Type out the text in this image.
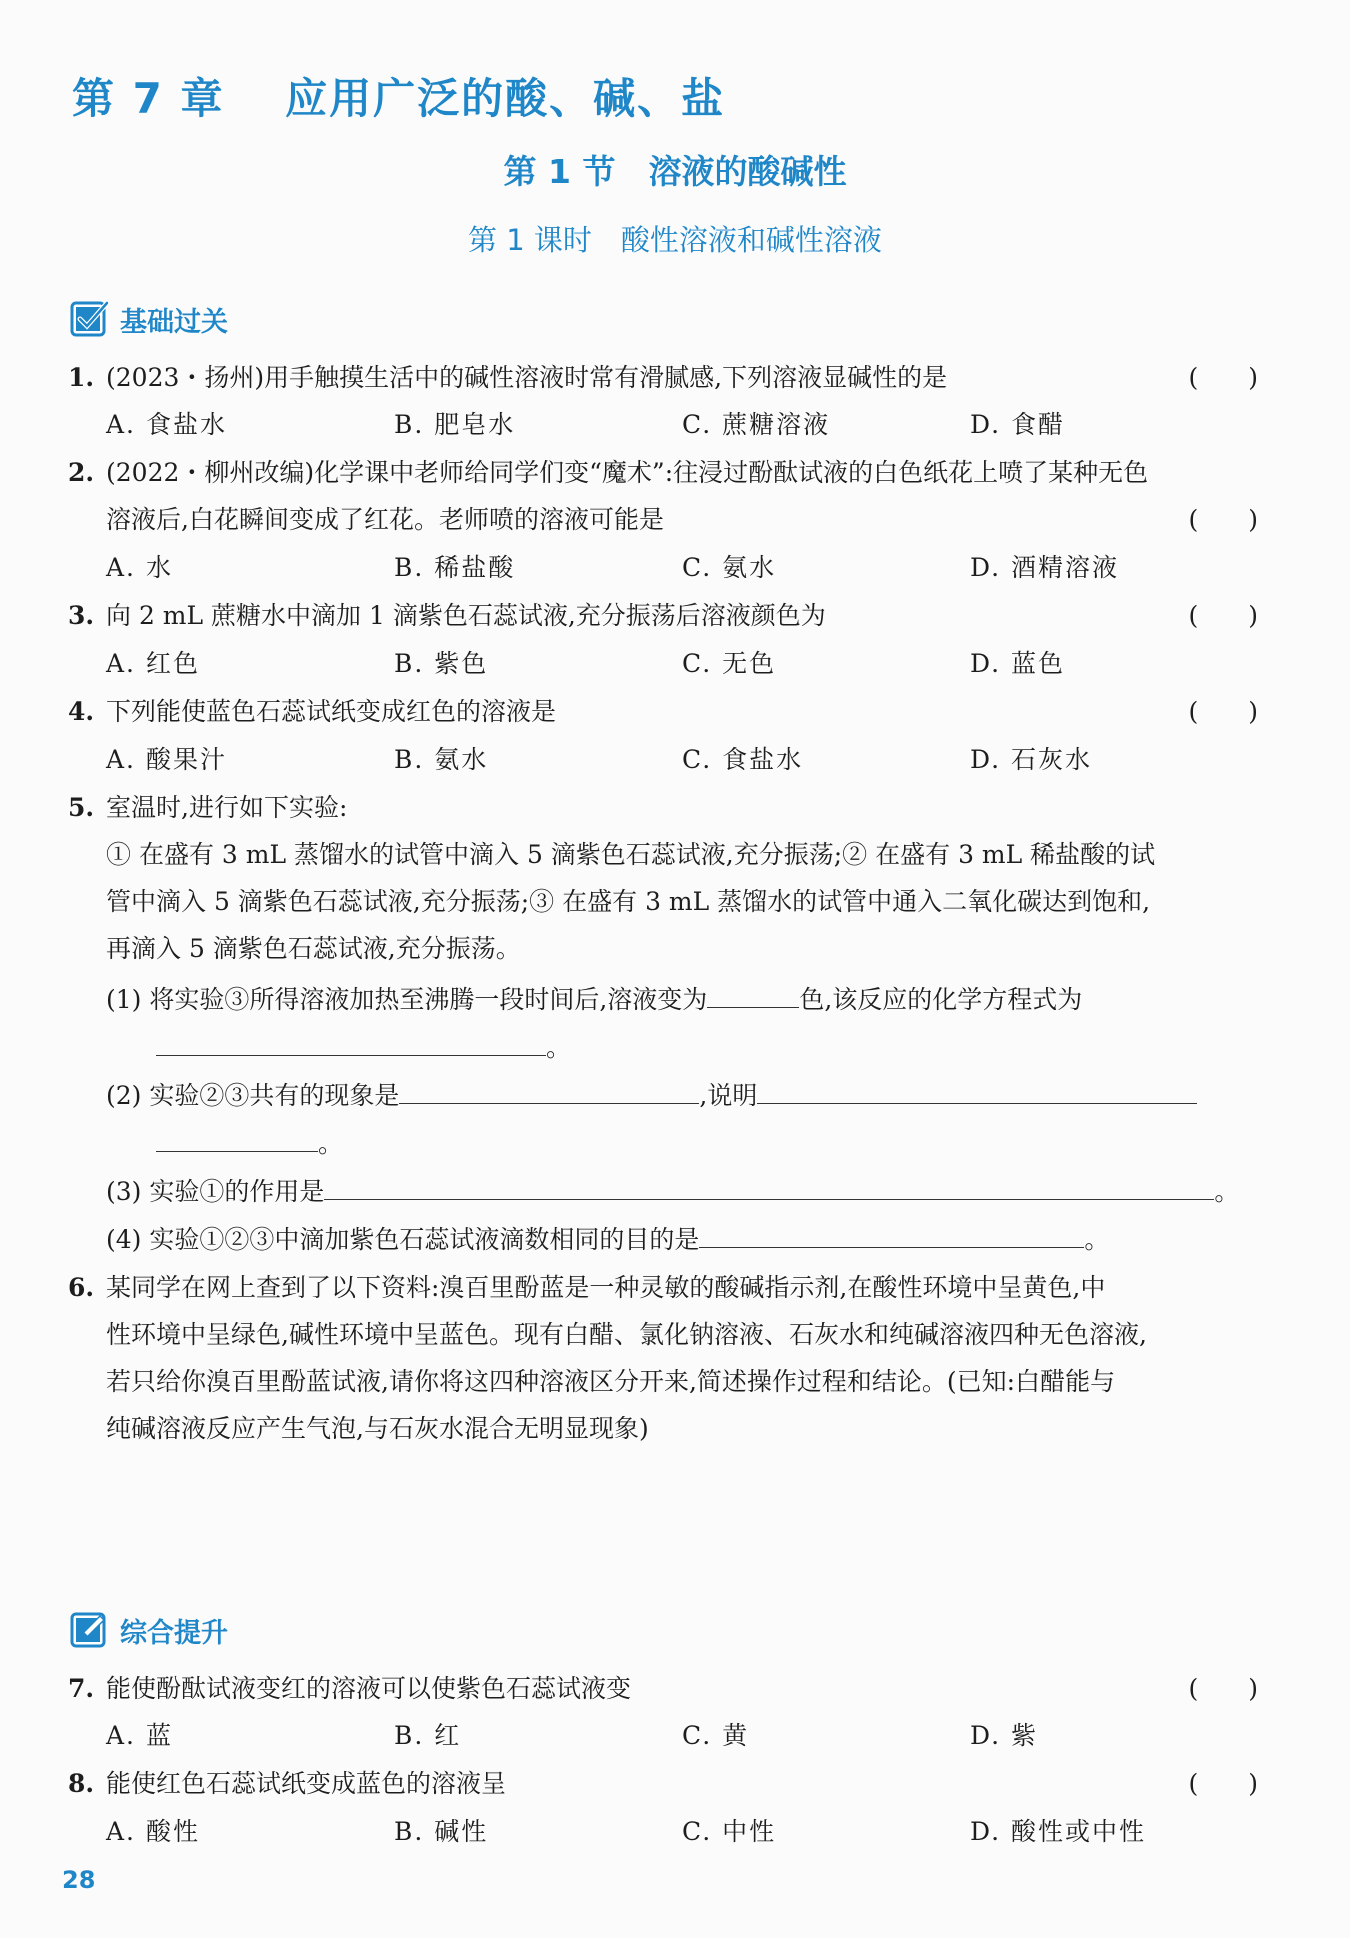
第 7 章　 应用广泛的酸、碱、盐
第 1 节　溶液的酸碱性
第 1 课时　酸性溶液和碱性溶液
基础过关
1. (2023・扬州)用手触摸生活中的碱性溶液时常有滑腻感,下列溶液显碱性的是	(　　)
A. 食盐水	B. 肥皂水	C. 蔗糖溶液	D. 食醋
2. (2022・柳州改编)化学课中老师给同学们变“魔术”:往浸过酚酞试液的白色纸花上喷了某种无色
溶液后,白花瞬间变成了红花。老师喷的溶液可能是	(　　)
A. 水	B. 稀盐酸	C. 氨水	D. 酒精溶液
3. 向 2 mL 蔗糖水中滴加 1 滴紫色石蕊试液,充分振荡后溶液颜色为	(　　)
A. 红色	B. 紫色	C. 无色	D. 蓝色
4. 下列能使蓝色石蕊试纸变成红色的溶液是	(　　)
A. 酸果汁	B. 氨水	C. 食盐水	D. 石灰水
5. 室温时,进行如下实验:
① 在盛有 3 mL 蒸馏水的试管中滴入 5 滴紫色石蕊试液,充分振荡;② 在盛有 3 mL 稀盐酸的试
管中滴入 5 滴紫色石蕊试液,充分振荡;③ 在盛有 3 mL 蒸馏水的试管中通入二氧化碳达到饱和,
再滴入 5 滴紫色石蕊试液,充分振荡。
(1) 将实验③所得溶液加热至沸腾一段时间后,溶液变为	色,该反应的化学方程式为
。
(2) 实验②③共有的现象是	,说明
。
(3) 实验①的作用是	。
(4) 实验①②③中滴加紫色石蕊试液滴数相同的目的是	。
6. 某同学在网上查到了以下资料:溴百里酚蓝是一种灵敏的酸碱指示剂,在酸性环境中呈黄色,中
性环境中呈绿色,碱性环境中呈蓝色。现有白醋、氯化钠溶液、石灰水和纯碱溶液四种无色溶液,
若只给你溴百里酚蓝试液,请你将这四种溶液区分开来,简述操作过程和结论。(已知:白醋能与
纯碱溶液反应产生气泡,与石灰水混合无明显现象)
综合提升
7. 能使酚酞试液变红的溶液可以使紫色石蕊试液变	(　　)
A. 蓝	B. 红	C. 黄	D. 紫
8. 能使红色石蕊试纸变成蓝色的溶液呈	(　　)
A. 酸性	B. 碱性	C. 中性	D. 酸性或中性
28
